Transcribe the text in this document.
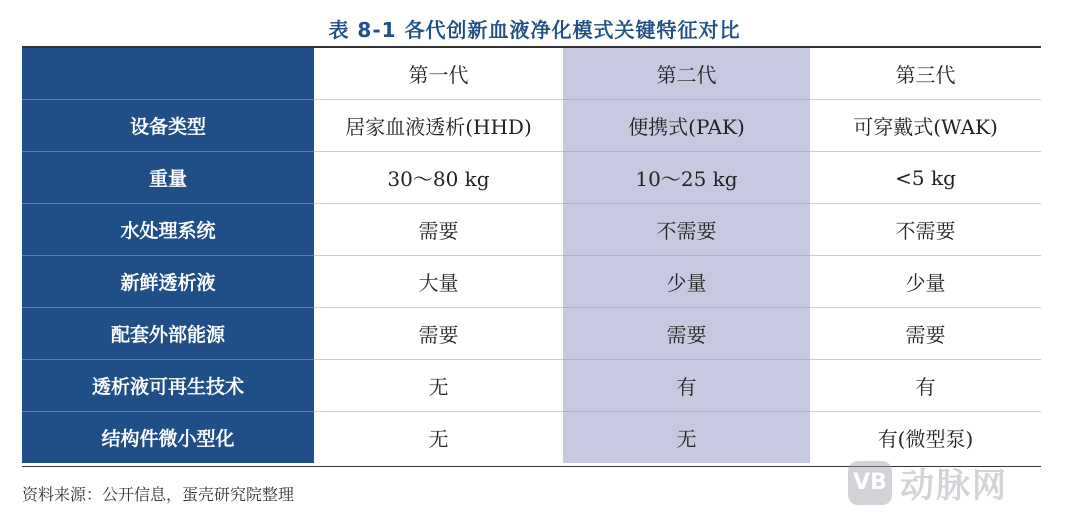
表 8-1 各代创新血液净化模式关键特征对比
	第一代	第二代	第三代
设备类型	居家血液透析(HHD)	便携式(PAK)	可穿戴式(WAK)
重量	30～80 kg	10～25 kg	<5 kg
水处理系统	需要	不需要	不需要
新鲜透析液	大量	少量	少量
配套外部能源	需要	需要	需要
透析液可再生技术	无	有	有
结构件微小型化	无	无	有(微型泵)
资料来源：公开信息，蛋壳研究院整理	VB 动脉网
